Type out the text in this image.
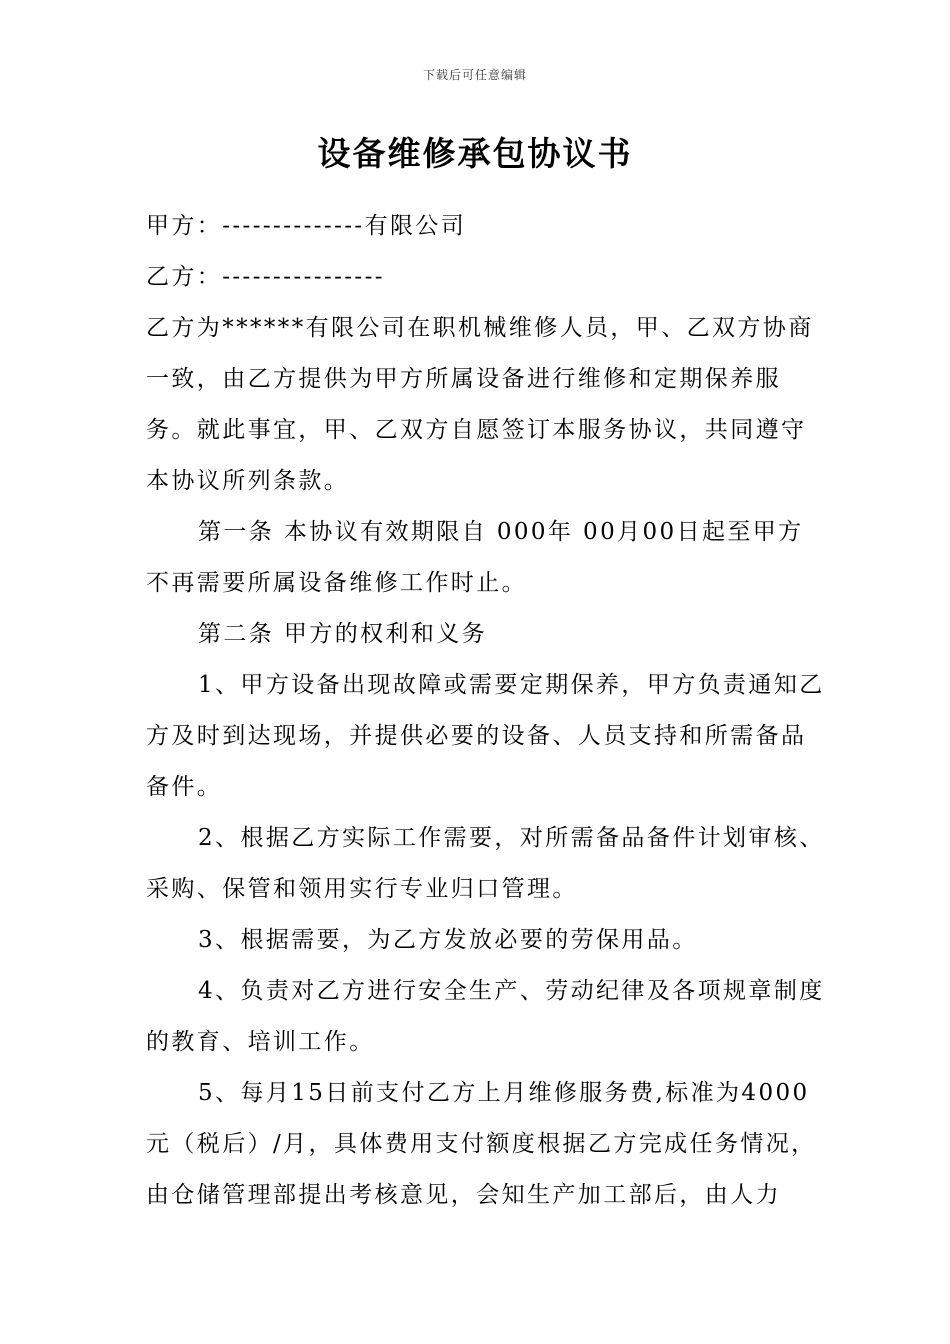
下载后可任意编辑
设备维修承包协议书

甲方：--------------有限公司

乙方：----------------

乙方为******有限公司在职机械维修人员，甲、乙双方协商一致，由乙方提供为甲方所属设备进行维修和定期保养服务。就此事宜，甲、乙双方自愿签订本服务协议，共同遵守本协议所列条款。

第一条 本协议有效期限自 000年 00月00日起至甲方不再需要所属设备维修工作时止。

第二条 甲方的权利和义务

1、甲方设备出现故障或需要定期保养，甲方负责通知乙方及时到达现场，并提供必要的设备、人员支持和所需备品备件。

2、根据乙方实际工作需要，对所需备品备件计划审核、采购、保管和领用实行专业归口管理。

3、根据需要，为乙方发放必要的劳保用品。

4、负责对乙方进行安全生产、劳动纪律及各项规章制度的教育、培训工作。

5、每月15日前支付乙方上月维修服务费,标准为4000元（税后）/月，具体费用支付额度根据乙方完成任务情况，由仓储管理部提出考核意见，会知生产加工部后，由人力
